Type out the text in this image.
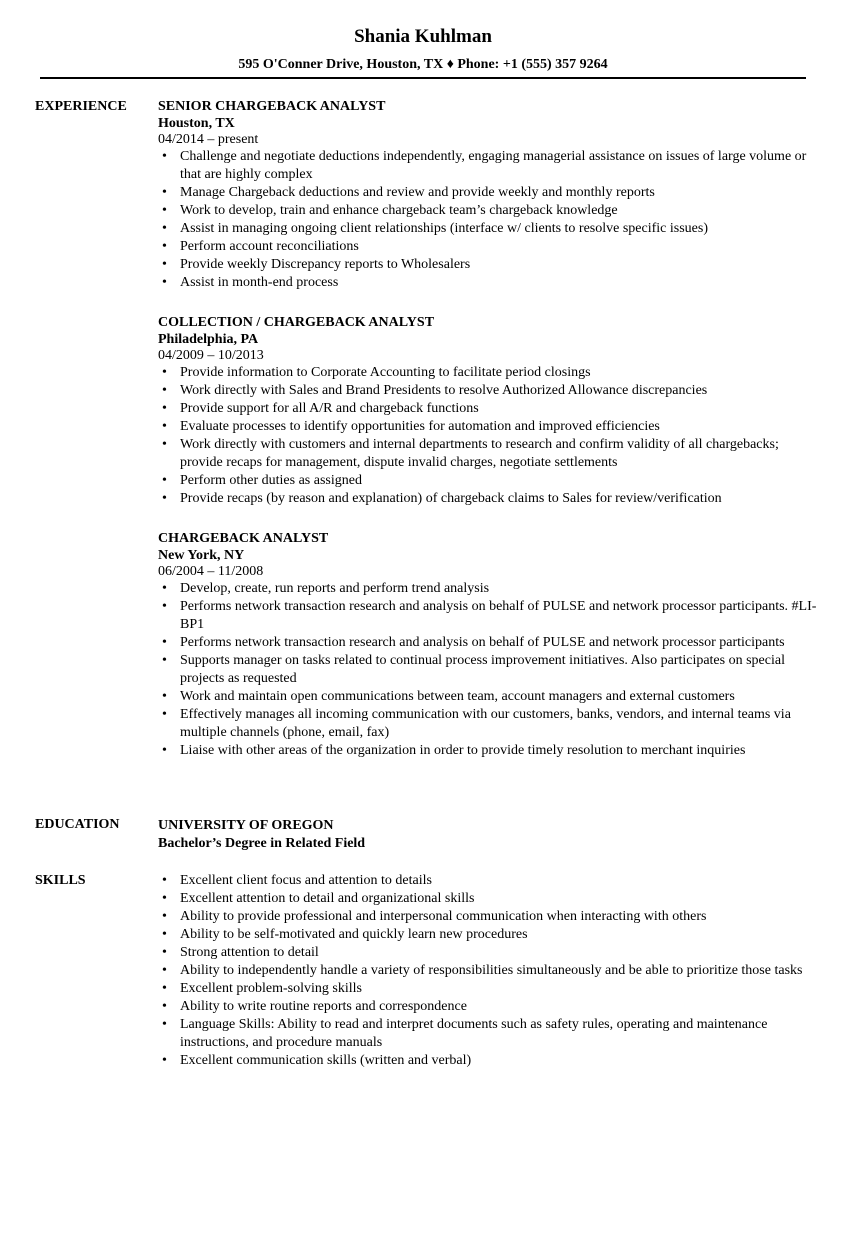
Shania Kuhlman
595 O'Conner Drive, Houston, TX ♦ Phone: +1 (555) 357 9264
EXPERIENCE SENIOR CHARGEBACK ANALYST
Houston, TX
04/2014 – present
• Challenge and negotiate deductions independently, engaging managerial assistance on issues of large volume or that are highly complex
• Manage Chargeback deductions and review and provide weekly and monthly reports
• Work to develop, train and enhance chargeback team’s chargeback knowledge
• Assist in managing ongoing client relationships (interface w/ clients to resolve specific issues)
• Perform account reconciliations
• Provide weekly Discrepancy reports to Wholesalers
• Assist in month-end process
COLLECTION / CHARGEBACK ANALYST
Philadelphia, PA
04/2009 – 10/2013
• Provide information to Corporate Accounting to facilitate period closings
• Work directly with Sales and Brand Presidents to resolve Authorized Allowance discrepancies
• Provide support for all A/R and chargeback functions
• Evaluate processes to identify opportunities for automation and improved efficiencies
• Work directly with customers and internal departments to research and confirm validity of all chargebacks; provide recaps for management, dispute invalid charges, negotiate settlements
• Perform other duties as assigned
• Provide recaps (by reason and explanation) of chargeback claims to Sales for review/verification
CHARGEBACK ANALYST
New York, NY
06/2004 – 11/2008
• Develop, create, run reports and perform trend analysis
• Performs network transaction research and analysis on behalf of PULSE and network processor participants. #LI-BP1
• Performs network transaction research and analysis on behalf of PULSE and network processor participants
• Supports manager on tasks related to continual process improvement initiatives. Also participates on special projects as requested
• Work and maintain open communications between team, account managers and external customers
• Effectively manages all incoming communication with our customers, banks, vendors, and internal teams via multiple channels (phone, email, fax)
• Liaise with other areas of the organization in order to provide timely resolution to merchant inquiries
EDUCATION	UNIVERSITY OF OREGON
Bachelor’s Degree in Related Field
SKILLS
•	Excellent client focus and attention to details
• Excellent attention to detail and organizational skills
• Ability to provide professional and interpersonal communication when interacting with others
• Ability to be self-motivated and quickly learn new procedures
• Strong attention to detail
• Ability to independently handle a variety of responsibilities simultaneously and be able to prioritize those tasks
• Excellent problem-solving skills
• Ability to write routine reports and correspondence
• Language Skills: Ability to read and interpret documents such as safety rules, operating and maintenance instructions, and procedure manuals
• Excellent communication skills (written and verbal)
